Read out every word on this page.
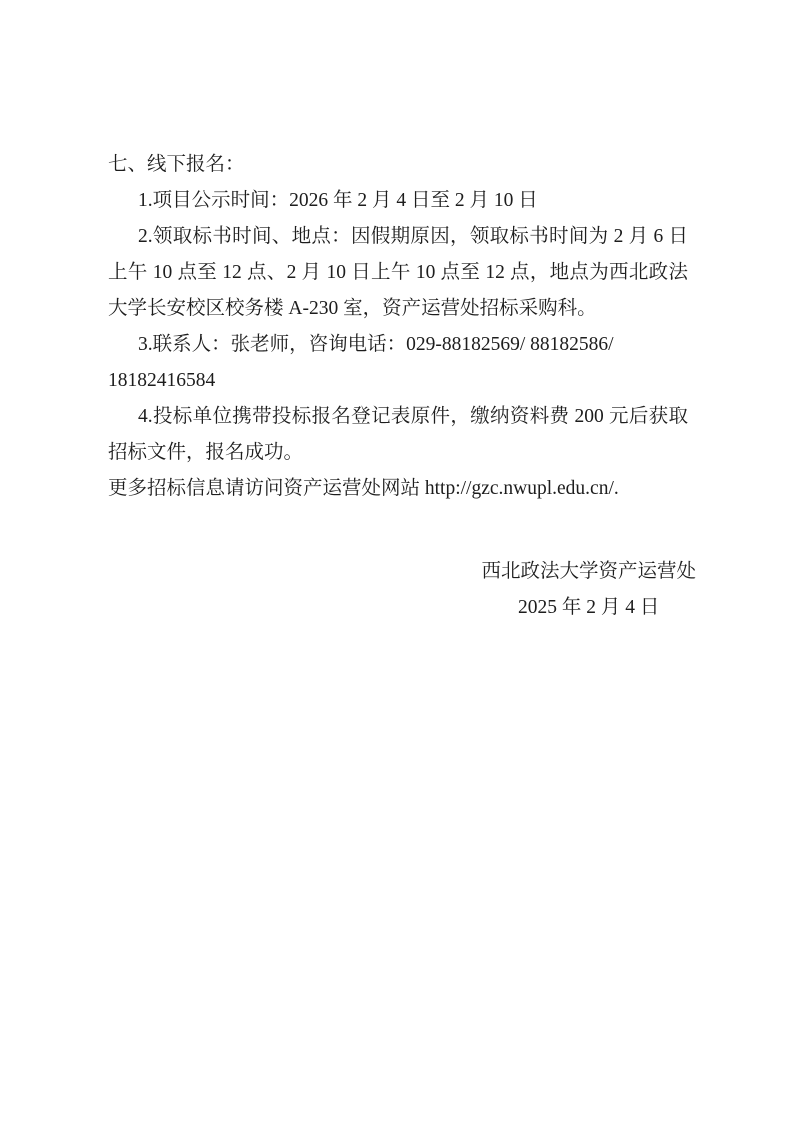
七、线下报名：
1.项目公示时间：2026 年 2 月 4 日至 2 月 10 日
2.领取标书时间、地点：因假期原因，领取标书时间为 2 月 6 日
上午 10 点至 12 点、2 月 10 日上午 10 点至 12 点，地点为西北政法
大学长安校区校务楼 A-230 室，资产运营处招标采购科。
3.联系人：张老师，咨询电话：029-88182569/ 88182586/
18182416584
4.投标单位携带投标报名登记表原件，缴纳资料费 200 元后获取
招标文件，报名成功。
更多招标信息请访问资产运营处网站 http://gzc.nwupl.edu.cn/.
西北政法大学资产运营处
2025 年 2 月 4 日
